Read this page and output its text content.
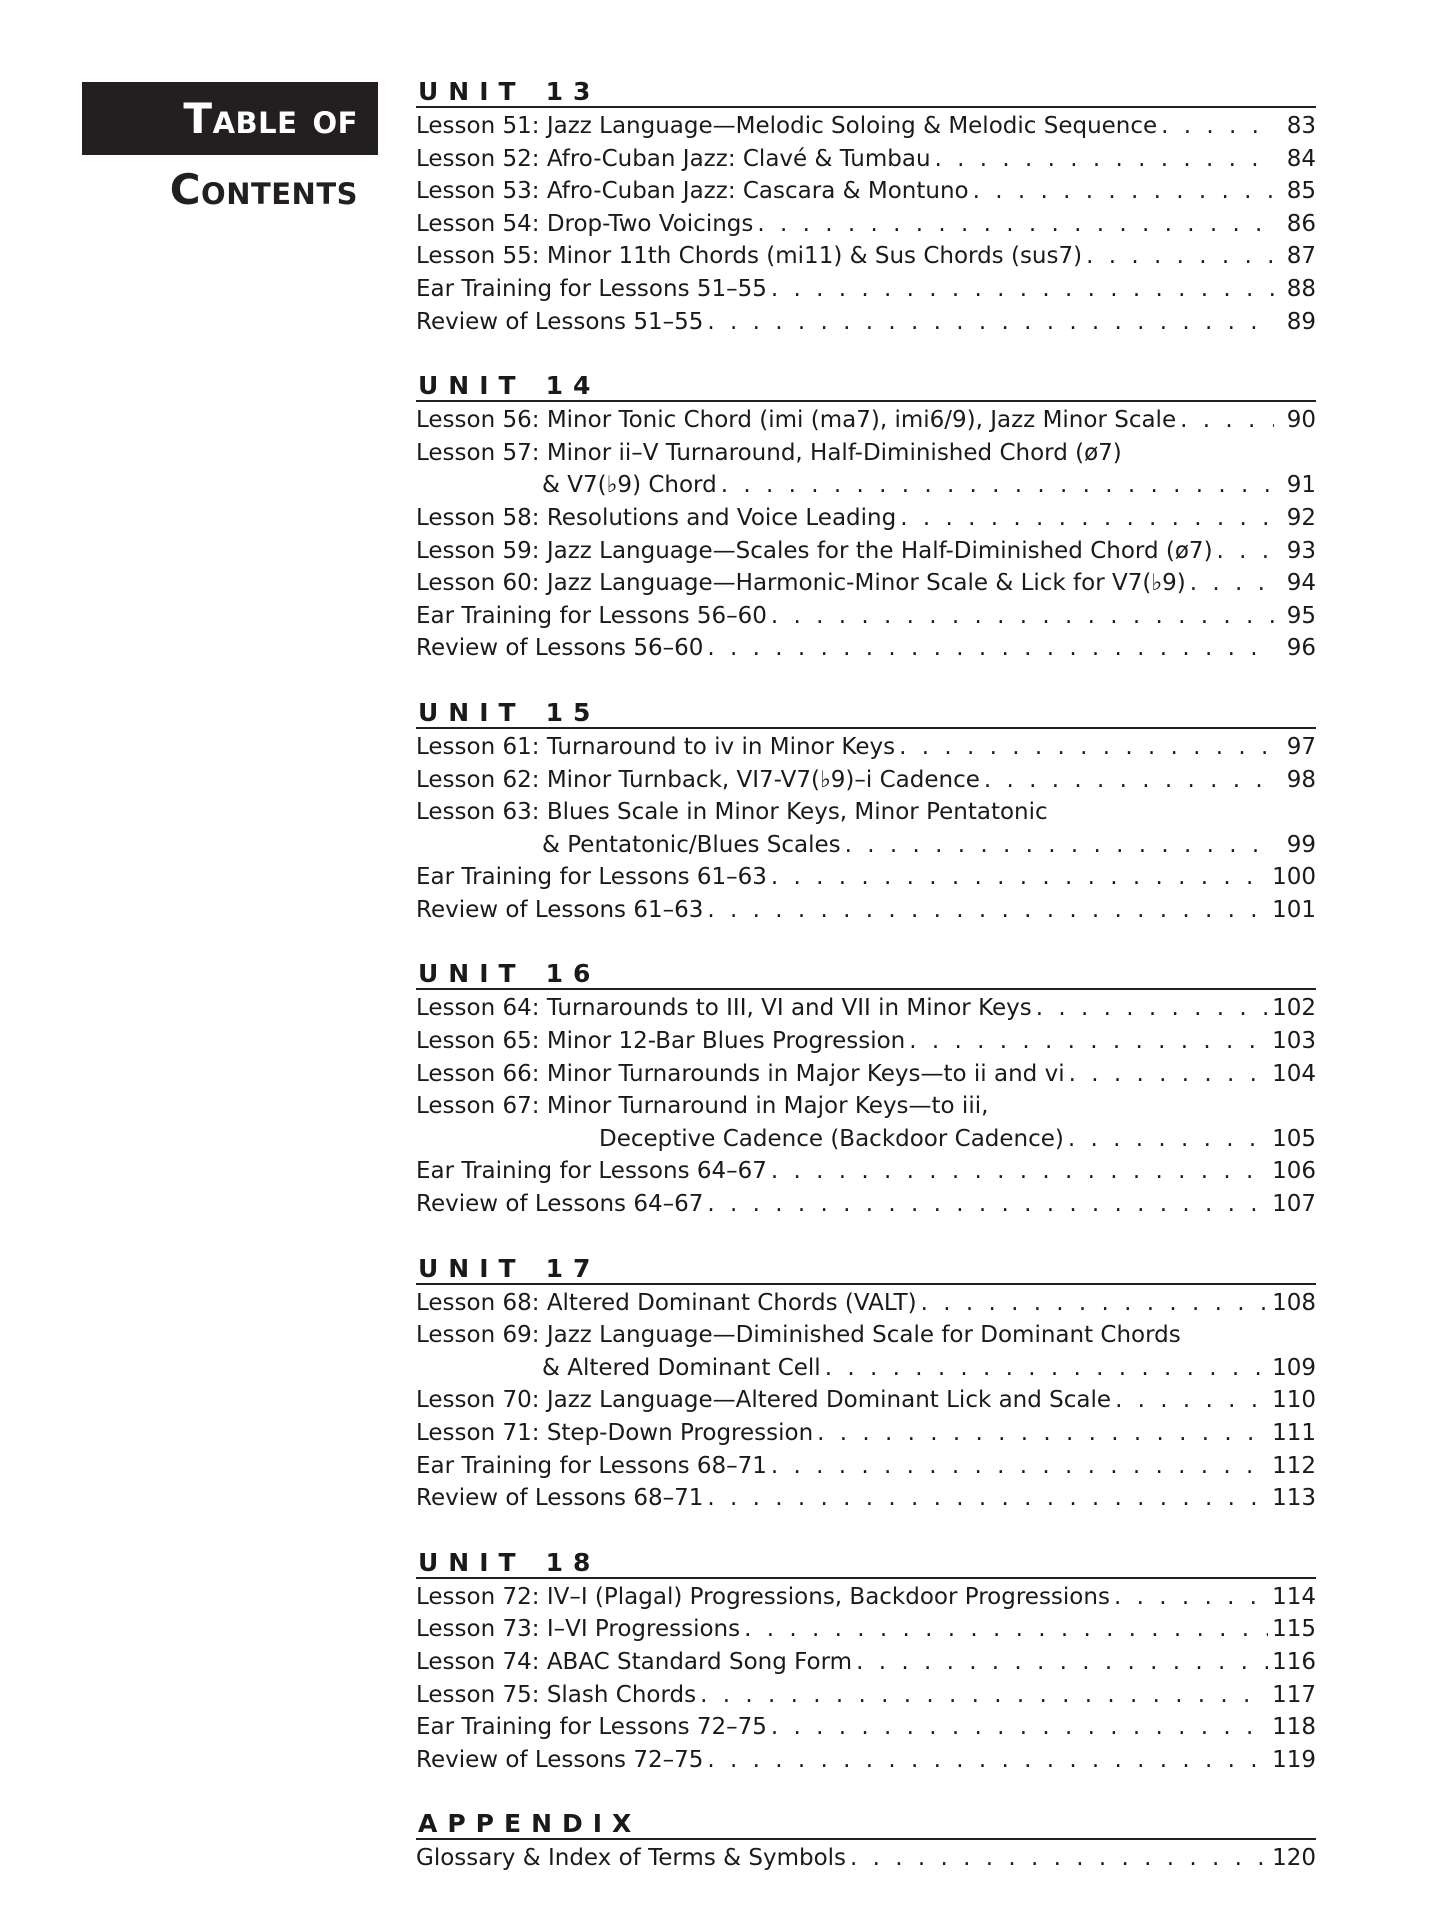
Table of
Contents
UNIT 13
Lesson 51: Jazz Language—Melodic Soloing & Melodic Sequence . . .	83
Lesson 52: Afro-Cuban Jazz: Clavé & Tumbau . . .	84
Lesson 53: Afro-Cuban Jazz: Cascara & Montuno . . .	85
Lesson 54: Drop-Two Voicings . . .	86
Lesson 55: Minor 11th Chords (mi11) & Sus Chords (sus7) . . .	87
Ear Training for Lessons 51–55 . . .	88
Review of Lessons 51–55 . . .	89
UNIT 14
Lesson 56: Minor Tonic Chord (imi (ma7), imi6/9), Jazz Minor Scale . . .	90
Lesson 57: Minor ii–V Turnaround, Half-Diminished Chord (ø7)
& V7(♭9) Chord . . .	91
Lesson 58: Resolutions and Voice Leading . . .	92
Lesson 59: Jazz Language—Scales for the Half-Diminished Chord (ø7) . . .	93
Lesson 60: Jazz Language—Harmonic-Minor Scale & Lick for V7(♭9) . . .	94
Ear Training for Lessons 56–60 . . .	95
Review of Lessons 56–60 . . .	96
UNIT 15
Lesson 61: Turnaround to iv in Minor Keys . . .	97
Lesson 62: Minor Turnback, VI7-V7(♭9)–i Cadence . . .	98
Lesson 63: Blues Scale in Minor Keys, Minor Pentatonic
& Pentatonic/Blues Scales . . .	99
Ear Training for Lessons 61–63 . . .	100
Review of Lessons 61–63 . . .	101
UNIT 16
Lesson 64: Turnarounds to III, VI and VII in Minor Keys . . .	102
Lesson 65: Minor 12-Bar Blues Progression . . .	103
Lesson 66: Minor Turnarounds in Major Keys—to ii and vi . . .	104
Lesson 67: Minor Turnaround in Major Keys—to iii,
Deceptive Cadence (Backdoor Cadence) . . .	105
Ear Training for Lessons 64–67 . . .	106
Review of Lessons 64–67 . . .	107
UNIT 17
Lesson 68: Altered Dominant Chords (VALT) . . .	108
Lesson 69: Jazz Language—Diminished Scale for Dominant Chords
& Altered Dominant Cell . . .	109
Lesson 70: Jazz Language—Altered Dominant Lick and Scale . . .	110
Lesson 71: Step-Down Progression . . .	111
Ear Training for Lessons 68–71 . . .	112
Review of Lessons 68–71 . . .	113
UNIT 18
Lesson 72: IV–I (Plagal) Progressions, Backdoor Progressions . . .	114
Lesson 73: I–VI Progressions . . .	115
Lesson 74: ABAC Standard Song Form . . .	116
Lesson 75: Slash Chords . . .	117
Ear Training for Lessons 72–75 . . .	118
Review of Lessons 72–75 . . .	119
APPENDIX
Glossary & Index of Terms & Symbols . . .	120
